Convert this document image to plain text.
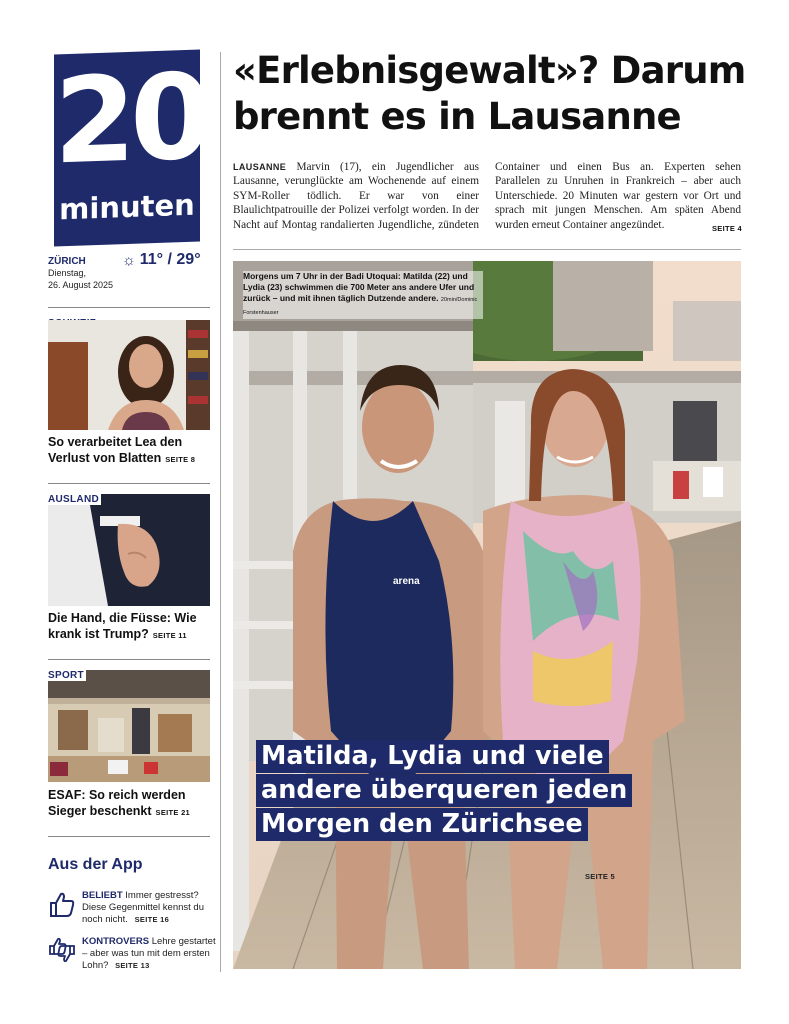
20
minuten
ZÜRICH
Dienstag,
26. August 2025
☼ 11° / 29°
So verarbeitet Lea den Verlust von Blatten SEITE 8
AUSLAND
Die Hand, die Füsse: Wie krank ist Trump? SEITE 11
SPORT
ESAF: So reich werden Sieger beschenkt SEITE 21
Aus der App
BELIEBT Immer gestresst? Diese Gegenmittel kennst du noch nicht. SEITE 16
KONTROVERS Lehre gestartet – aber was tun mit dem ersten Lohn? SEITE 13
«Erlebnisgewalt»? Darum brennt es in Lausanne
LAUSANNE Marvin (17), ein Jugendlicher aus Lausanne, verunglückte am Wochenende auf einem SYM-Roller tödlich. Er war von einer Blaulichtpatrouille der Polizei verfolgt worden. In der Nacht auf Montag randalierten Jugendliche, zündeten Container und einen Bus an. Experten sehen Parallelen zu Unruhen in Frankreich – aber auch Unterschiede. 20 Minuten war gestern vor Ort und sprach mit jungen Menschen. Am späten Abend wurden erneut Container angezündet.	SEITE 4
arena
Morgens um 7 Uhr in der Badi Utoquai: Matilda (22) und Lydia (23) schwimmen die 700 Meter ans andere Ufer und zurück – und mit ihnen täglich Dutzende andere. 20min/Dominic Forstenhauser
Matilda, Lydia und viele
andere überqueren jeden
Morgen den Zürichsee
SEITE 5
